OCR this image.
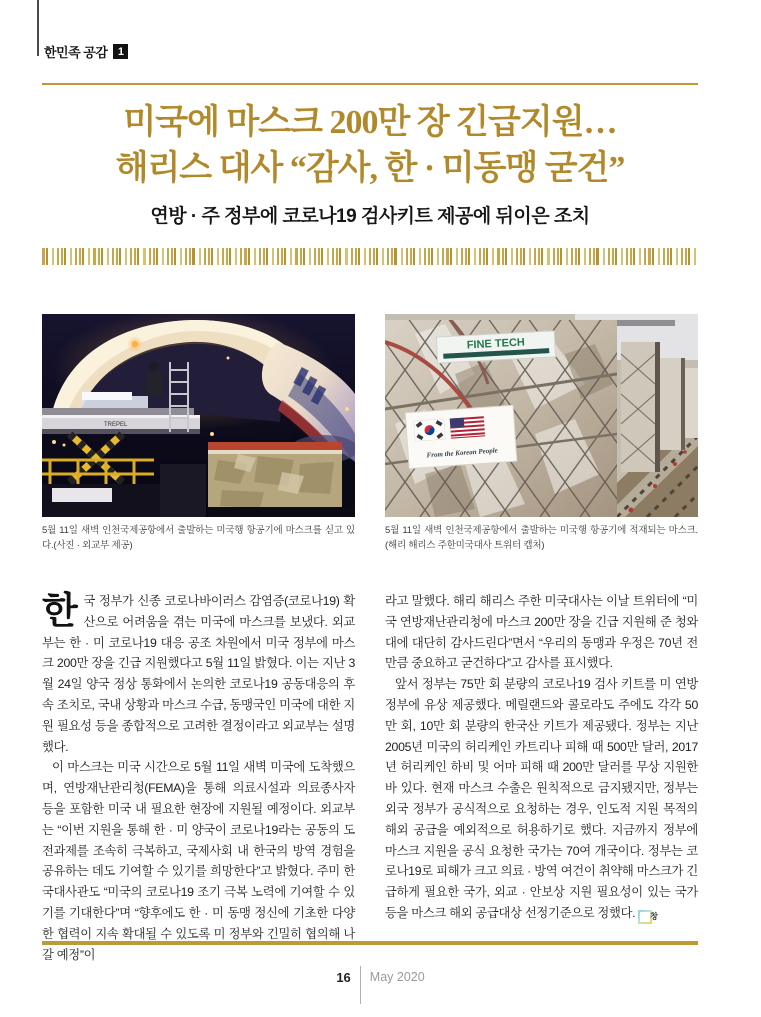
한민족 공감 1
미국에 마스크 200만 장 긴급지원…
해리스 대사 “감사, 한 · 미동맹 굳건”
연방 · 주 정부에 코로나19 검사키트 제공에 뒤이은 조치
TREPEL
5월 11일 새벽 인천국제공항에서 출발하는 미국행 항공기에 마스크를 싣고 있다.(사진 · 외교부 제공)
FINE TECH
From the Korean People
5월 11일 새벽 인천국제공항에서 출발하는 미국행 항공기에 적재되는 마스크.(해리 해리스 주한미국대사 트위터 캡처)

한국 정부가 신종 코로나바이러스 감염증(코로나19) 확산으로 어려움을 겪는 미국에 마스크를 보냈다. 외교부는 한 · 미 코로나19 대응 공조 차원에서 미국 정부에 마스크 200만 장을 긴급 지원했다고 5월 11일 밝혔다. 이는 지난 3월 24일 양국 정상 통화에서 논의한 코로나19 공동대응의 후속 조치로, 국내 상황과 마스크 수급, 동맹국인 미국에 대한 지원 필요성 등을 종합적으로 고려한 결정이라고 외교부는 설명했다.

이 마스크는 미국 시간으로 5월 11일 새벽 미국에 도착했으며, 연방재난관리청(FEMA)을 통해 의료시설과 의료종사자 등을 포함한 미국 내 필요한 현장에 지원될 예정이다. 외교부는 “이번 지원을 통해 한 · 미 양국이 코로나19라는 공동의 도전과제를 조속히 극복하고, 국제사회 내 한국의 방역 경험을 공유하는 데도 기여할 수 있기를 희망한다”고 밝혔다. 주미 한국대사관도 “미국의 코로나19 조기 극복 노력에 기여할 수 있기를 기대한다”며 “향후에도 한 · 미 동맹 정신에 기초한 다양한 협력이 지속 확대될 수 있도록 미 정부와 긴밀히 협의해 나갈 예정”이

라고 말했다. 해리 해리스 주한 미국대사는 이날 트위터에 “미국 연방재난관리청에 마스크 200만 장을 긴급 지원해 준 청와대에 대단히 감사드린다”면서 “우리의 동맹과 우정은 70년 전만큼 중요하고 굳건하다”고 감사를 표시했다.

앞서 정부는 75만 회 분량의 코로나19 검사 키트를 미 연방정부에 유상 제공했다. 메릴랜드와 콜로라도 주에도 각각 50만 회, 10만 회 분량의 한국산 키트가 제공됐다. 정부는 지난 2005년 미국의 허리케인 카트리나 피해 때 500만 달러, 2017년 허리케인 하비 및 어마 피해 때 200만 달러를 무상 지원한 바 있다. 현재 마스크 수출은 원칙적으로 금지됐지만, 정부는 외국 정부가 공식적으로 요청하는 경우, 인도적 지원 목적의 해외 공급을 예외적으로 허용하기로 했다. 지금까지 정부에 마스크 지원을 공식 요청한 국가는 70여 개국이다. 정부는 코로나19로 피해가 크고 의료 · 방역 여건이 취약해 마스크가 긴급하게 필요한 국가, 외교 · 안보상 지원 필요성이 있는 국가 등을 마스크 해외 공급대상 선정기준으로 정했다.	창

16 May 2020
